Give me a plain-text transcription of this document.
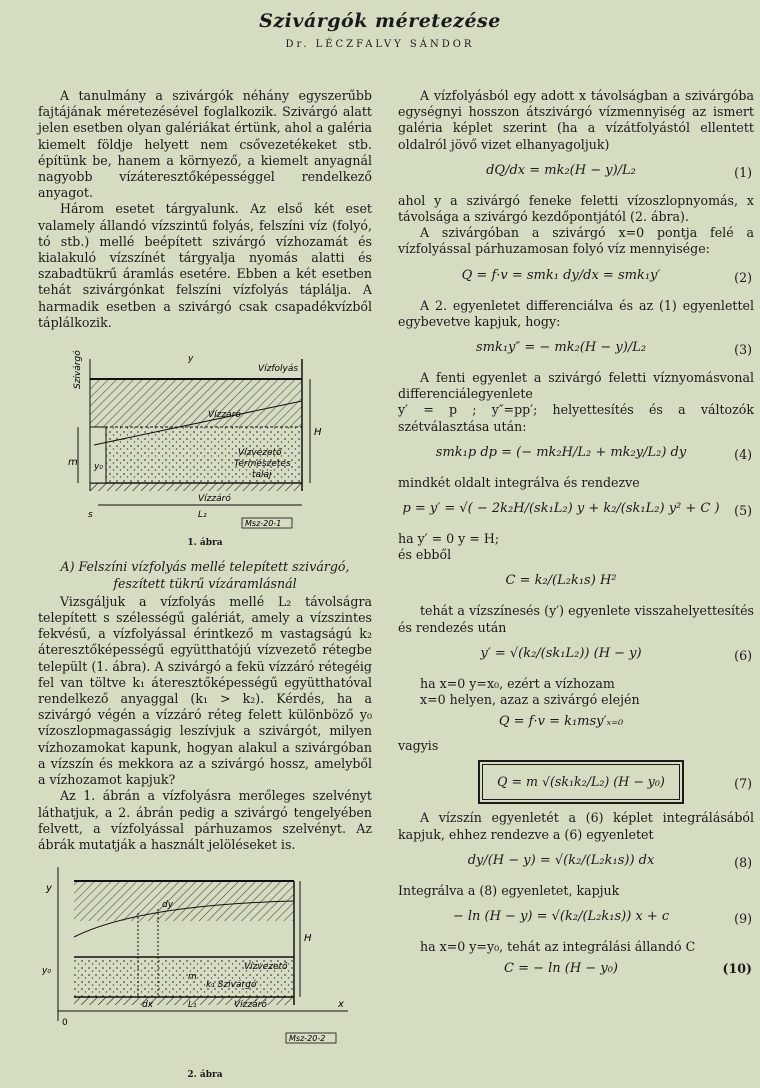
Szivárgók méretezése
Dr. LÉCZFALVY SÁNDOR

A tanulmány a szivárgók néhány egyszerűbb fajtájának méretezésével foglalkozik. Szivárgó alatt jelen esetben olyan galériákat értünk, ahol a galéria kiemelt földje helyett nem csővezetékeket stb. építünk be, hanem a környező, a kiemelt anyagnál nagyobb vízáteresztőképességgel rendelkező anyagot.

Három esetet tárgyalunk. Az első két eset valamely állandó vízszintű folyás, felszíni víz (folyó, tó stb.) mellé beépített szivárgó vízhozamát és kialakuló vízszínét tárgyalja nyomás alatti és szabadtükrű áramlás esetére. Ebben a két esetben tehát szivárgónkat felszíni vízfolyás táplálja. A harmadik esetben a szivárgó csak csapadékvízből táplálkozik.

Szivárgó	Vízfolyás
Vízzáró
Vízvezető
Természetes
talaj
Vízzáró
H
m y₀
s	L₂
y
Msz-20-1
1. ábra

A) Felszíni vízfolyás mellé telepített szivárgó, feszített tükrű vízáramlásnál

Vizsgáljuk a vízfolyás mellé L₂ távolságra telepített s szélességű galériát, amely a vízszintes fekvésű, a vízfolyással érintkező m vastagságú k₂ áteresztőképességű együtthatójú vízvezető rétegbe települt (1. ábra). A szivárgó a fekü vízzáró rétegéig fel van töltve k₁ áteresztőképességű együtthatóval rendelkező anyaggal (k₁ > k₂). Kérdés, ha a szivárgó végén a vízzáró réteg felett különböző y₀ vízoszlopmagasságig leszívjuk a szivárgót, milyen vízhozamokat kapunk, hogyan alakul a szivárgóban a vízszín és mekkora az a szivárgó hossz, amelyből a vízhozamot kapjuk?

Az 1. ábrán a vízfolyásra merőleges szelvényt láthatjuk, a 2. ábrán pedig a szivárgó tengelyében felvett, a vízfolyással párhuzamos szelvényt. Az ábrák mutatják a használt jelöléseket is.

y
dy
H
y₀
m
Vízvezető
k₁ Szivárgó
dx	L₁	Vízzáró	x
0
Msz-20-2
2. ábra

A vízfolyásból egy adott x távolságban a szivárgóba egységnyi hosszon átszivárgó vízmennyiség az ismert galéria képlet szerint (ha a vízátfolyástól ellentett oldalról jövő vizet elhanyagoljuk)

dQ/dx = mk₂(H − y)/L₂	(1)

ahol y a szivárgó feneke feletti vízoszlopnyomás, x távolsága a szivárgó kezdőpontjától (2. ábra).

A szivárgóban a szivárgó x=0 pontja felé a vízfolyással párhuzamosan folyó víz mennyisége:

Q = f·v = smk₁ dy/dx = smk₁y′	(2)

A 2. egyenletet differenciálva és az (1) egyenlettel egybevetve kapjuk, hogy:

smk₁y″ = − mk₂(H − y)/L₂	(3)

A fenti egyenlet a szivárgó feletti víznyomásvonal differenciálegyenlete

y′ = p ; y″=pp′; helyettesítés és a változók szétválasztása után:

smk₁p dp = (− mk₂H/L₂ + mk₂y/L₂) dy	(4)

mindkét oldalt integrálva és rendezve

p = y′ = √( − 2k₂H/(sk₁L₂) y + k₂/(sk₁L₂) y² + C )	(5)

ha y′ = 0 y = H;

és ebből

C = k₂/(L₂k₁s) H²

tehát a vízszínesés (y′) egyenlete visszahelyettesítés és rendezés után

y′ = √(k₂/(sk₁L₂)) (H − y)	(6)

ha x=0 y=x₀, ezért a vízhozam

x=0 helyen, azaz a szivárgó elején

Q = f·v = k₁msy′ₓ₌₀

vagyis

Q = m √(sk₁k₂/L₂) (H − y₀)	(7)

A vízszín egyenletét a (6) képlet integrálásából kapjuk, ehhez rendezve a (6) egyenletet

dy/(H − y) = √(k₂/(L₂k₁s)) dx	(8)

Integrálva a (8) egyenletet, kapjuk

− ln (H − y) = √(k₂/(L₂k₁s)) x + c	(9)

ha x=0 y=y₀, tehát az integrálási állandó C

C = − ln (H − y₀)	(10)
